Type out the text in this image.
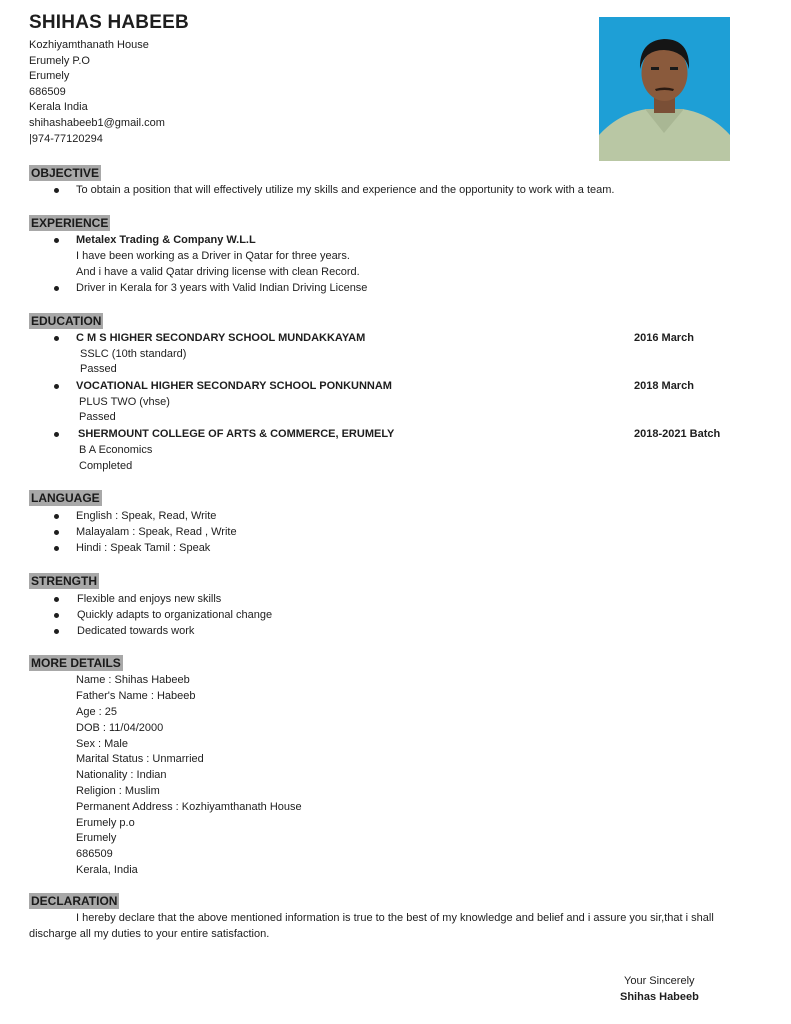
SHIHAS HABEEB
Kozhiyamthanath House
Erumely P.O
Erumely
686509
Kerala India
shihashabeeb1@gmail.com
|974-77120294
OBJECTIVE
To obtain a position that will effectively utilize my skills and experience and the opportunity to work with a team.
EXPERIENCE
Metalex Trading & Company W.L.L
I have been working as a Driver in Qatar for three years.
And i have a valid Qatar driving license with clean Record.
Driver in Kerala for 3 years with Valid Indian Driving License
EDUCATION
C M S HIGHER SECONDARY SCHOOL MUNDAKKAYAM	2016 March
SSLC (10th standard)
Passed
VOCATIONAL HIGHER SECONDARY SCHOOL PONKUNNAM	2018 March
PLUS TWO (vhse)
Passed
SHERMOUNT COLLEGE OF ARTS & COMMERCE, ERUMELY	2018-2021 Batch
B A Economics
Completed
LANGUAGE
English : Speak, Read, Write
Malayalam : Speak, Read , Write
Hindi : Speak Tamil : Speak
STRENGTH
Flexible and enjoys new skills
Quickly adapts to organizational change
Dedicated towards work
MORE DETAILS
Name : Shihas Habeeb
Father's Name : Habeeb
Age : 25
DOB : 11/04/2000
Sex : Male
Marital Status : Unmarried
Nationality : Indian
Religion : Muslim
Permanent Address : Kozhiyamthanath House
Erumely p.o
Erumely
686509
Kerala, India
DECLARATION
I hereby declare that the above mentioned information is true to the best of my knowledge and belief and i assure you sir,that i shall discharge all my duties to your entire satisfaction.
Your Sincerely
Shihas Habeeb
